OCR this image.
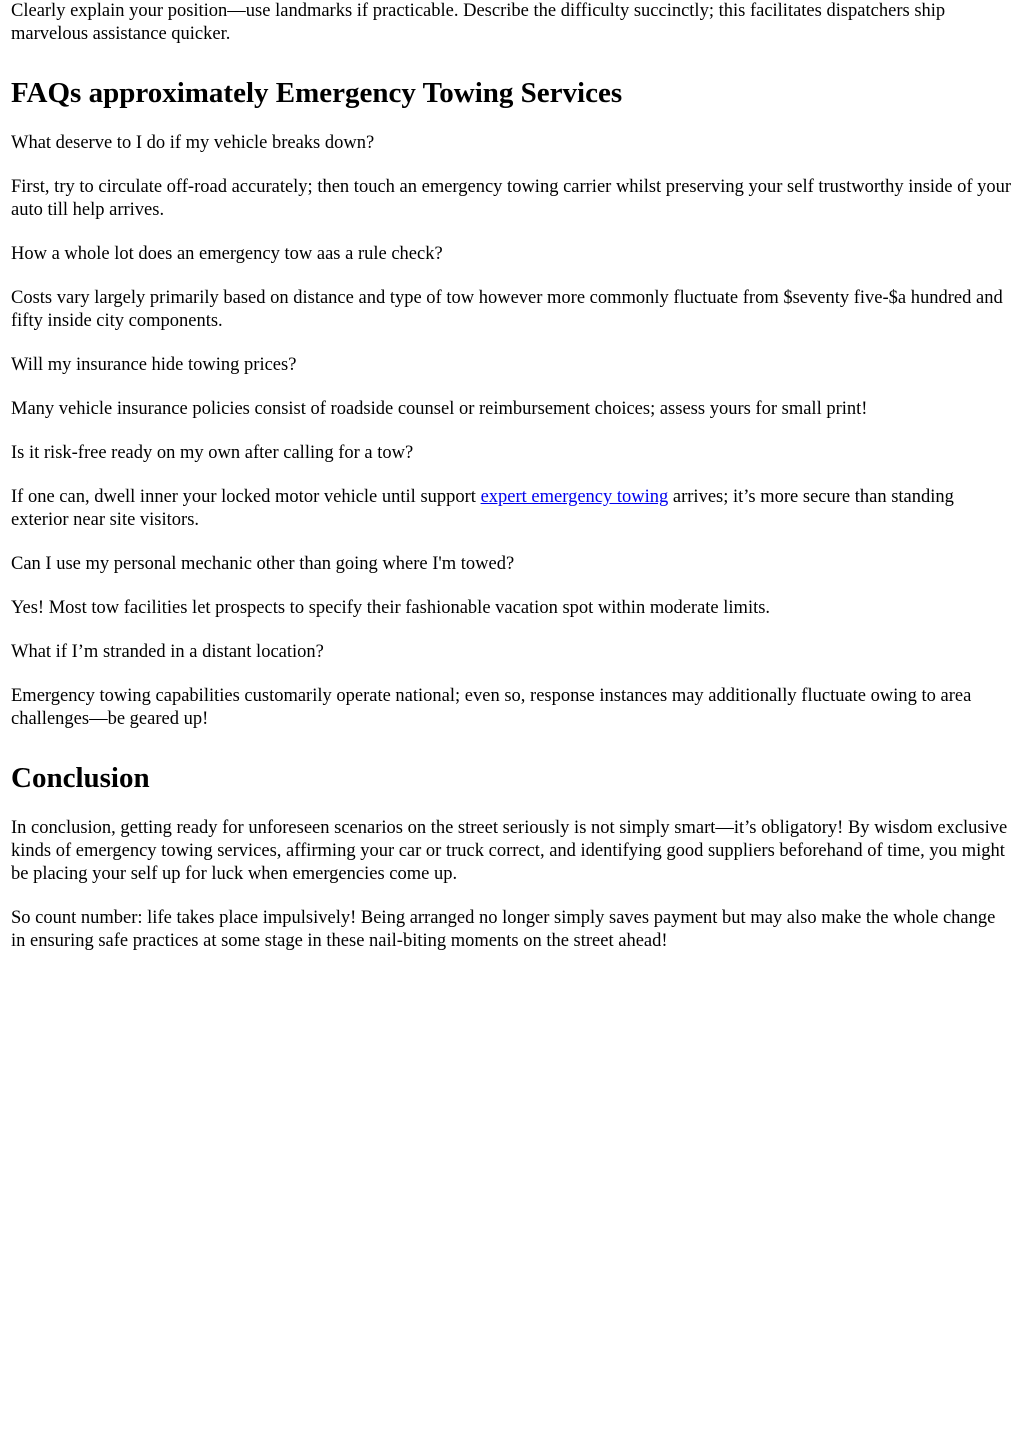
Clearly explain your position—use landmarks if practicable. Describe the difficulty succinctly; this facilitates dispatchers ship marvelous assistance quicker.

FAQs approximately Emergency Towing Services

What deserve to I do if my vehicle breaks down?

First, try to circulate off-road accurately; then touch an emergency towing carrier whilst preserving your self trustworthy inside of your auto till help arrives.

How a whole lot does an emergency tow aas a rule check?

Costs vary largely primarily based on distance and type of tow however more commonly fluctuate from $seventy five-$a hundred and fifty inside city components.

Will my insurance hide towing prices?

Many vehicle insurance policies consist of roadside counsel or reimbursement choices; assess yours for small print!

Is it risk-free ready on my own after calling for a tow?

If one can, dwell inner your locked motor vehicle until support expert emergency towing arrives; it’s more secure than standing exterior near site visitors.

Can I use my personal mechanic other than going where I'm towed?

Yes! Most tow facilities let prospects to specify their fashionable vacation spot within moderate limits.

What if I’m stranded in a distant location?

Emergency towing capabilities customarily operate national; even so, response instances may additionally fluctuate owing to area challenges—be geared up!

Conclusion

In conclusion, getting ready for unforeseen scenarios on the street seriously is not simply smart—it’s obligatory! By wisdom exclusive kinds of emergency towing services, affirming your car or truck correct, and identifying good suppliers beforehand of time, you might be placing your self up for luck when emergencies come up.

So count number: life takes place impulsively! Being arranged no longer simply saves payment but may also make the whole change in ensuring safe practices at some stage in these nail-biting moments on the street ahead!
